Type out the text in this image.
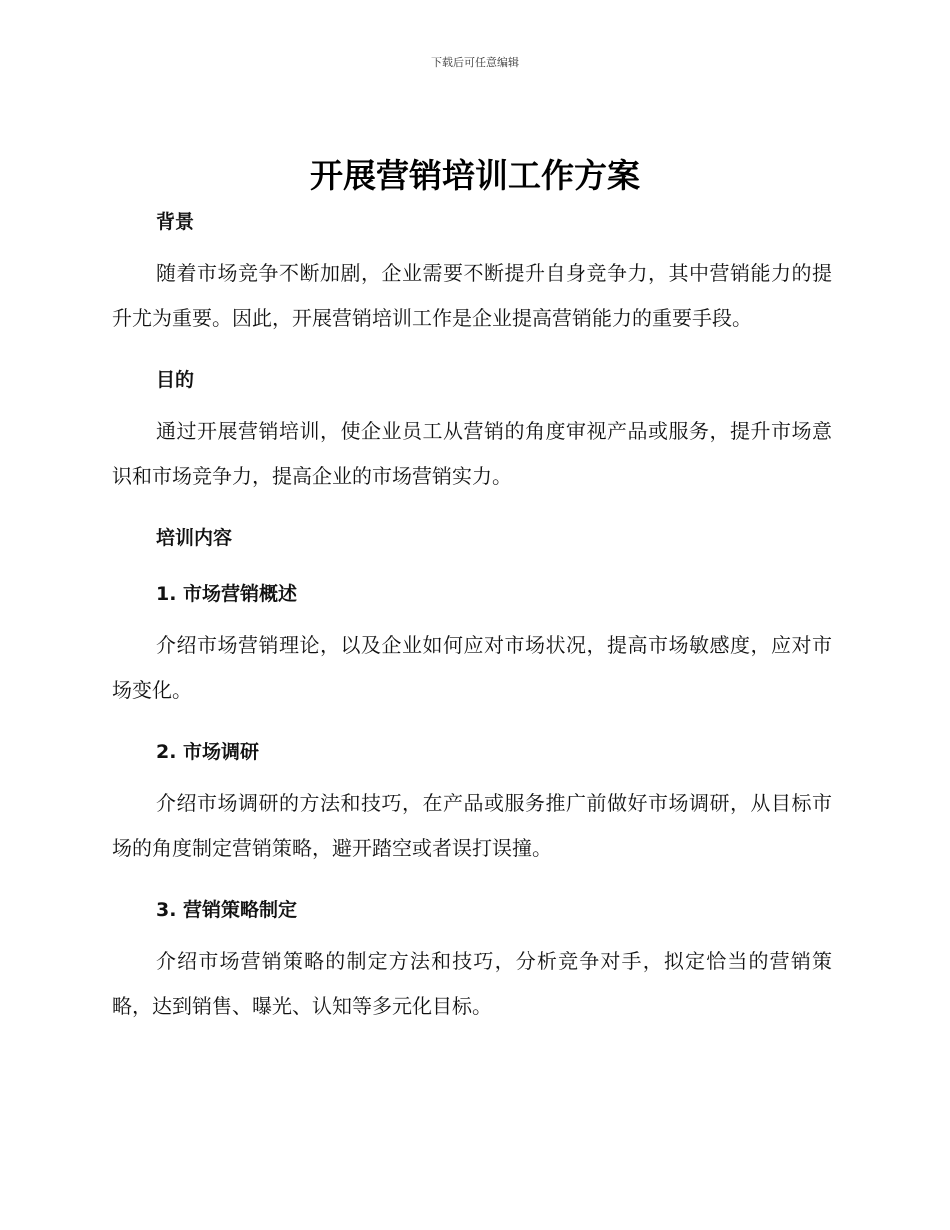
下载后可任意编辑
开展营销培训工作方案
背景

随着市场竞争不断加剧，企业需要不断提升自身竞争力，其中营销能力的提升尤为重要。因此，开展营销培训工作是企业提高营销能力的重要手段。

目的

通过开展营销培训，使企业员工从营销的角度审视产品或服务，提升市场意识和市场竞争力，提高企业的市场营销实力。

培训内容
1. 市场营销概述

介绍市场营销理论，以及企业如何应对市场状况，提高市场敏感度，应对市场变化。

2. 市场调研

介绍市场调研的方法和技巧，在产品或服务推广前做好市场调研，从目标市场的角度制定营销策略，避开踏空或者误打误撞。

3. 营销策略制定

介绍市场营销策略的制定方法和技巧，分析竞争对手，拟定恰当的营销策略，达到销售、曝光、认知等多元化目标。
